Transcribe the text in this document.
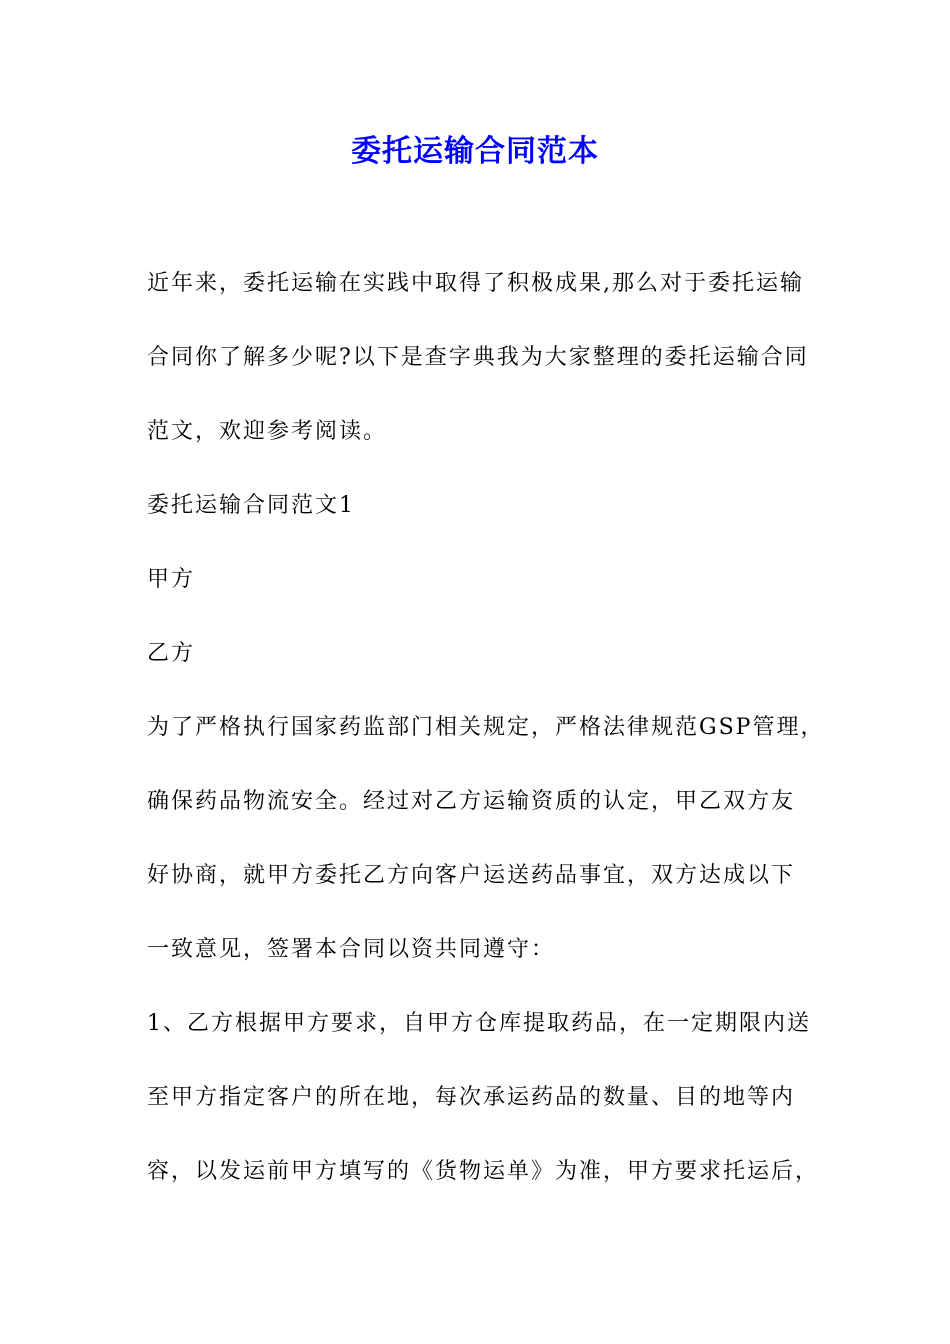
委托运输合同范本
近年来，委托运输在实践中取得了积极成果,那么对于委托运输
合同你了解多少呢?以下是查字典我为大家整理的委托运输合同
范文，欢迎参考阅读。
委托运输合同范文1
甲方
乙方
为了严格执行国家药监部门相关规定，严格法律规范GSP管理，
确保药品物流安全。经过对乙方运输资质的认定，甲乙双方友
好协商，就甲方委托乙方向客户运送药品事宜，双方达成以下
一致意见，签署本合同以资共同遵守：
1、乙方根据甲方要求，自甲方仓库提取药品，在一定期限内送
至甲方指定客户的所在地，每次承运药品的数量、目的地等内
容，以发运前甲方填写的《货物运单》为准，甲方要求托运后，
